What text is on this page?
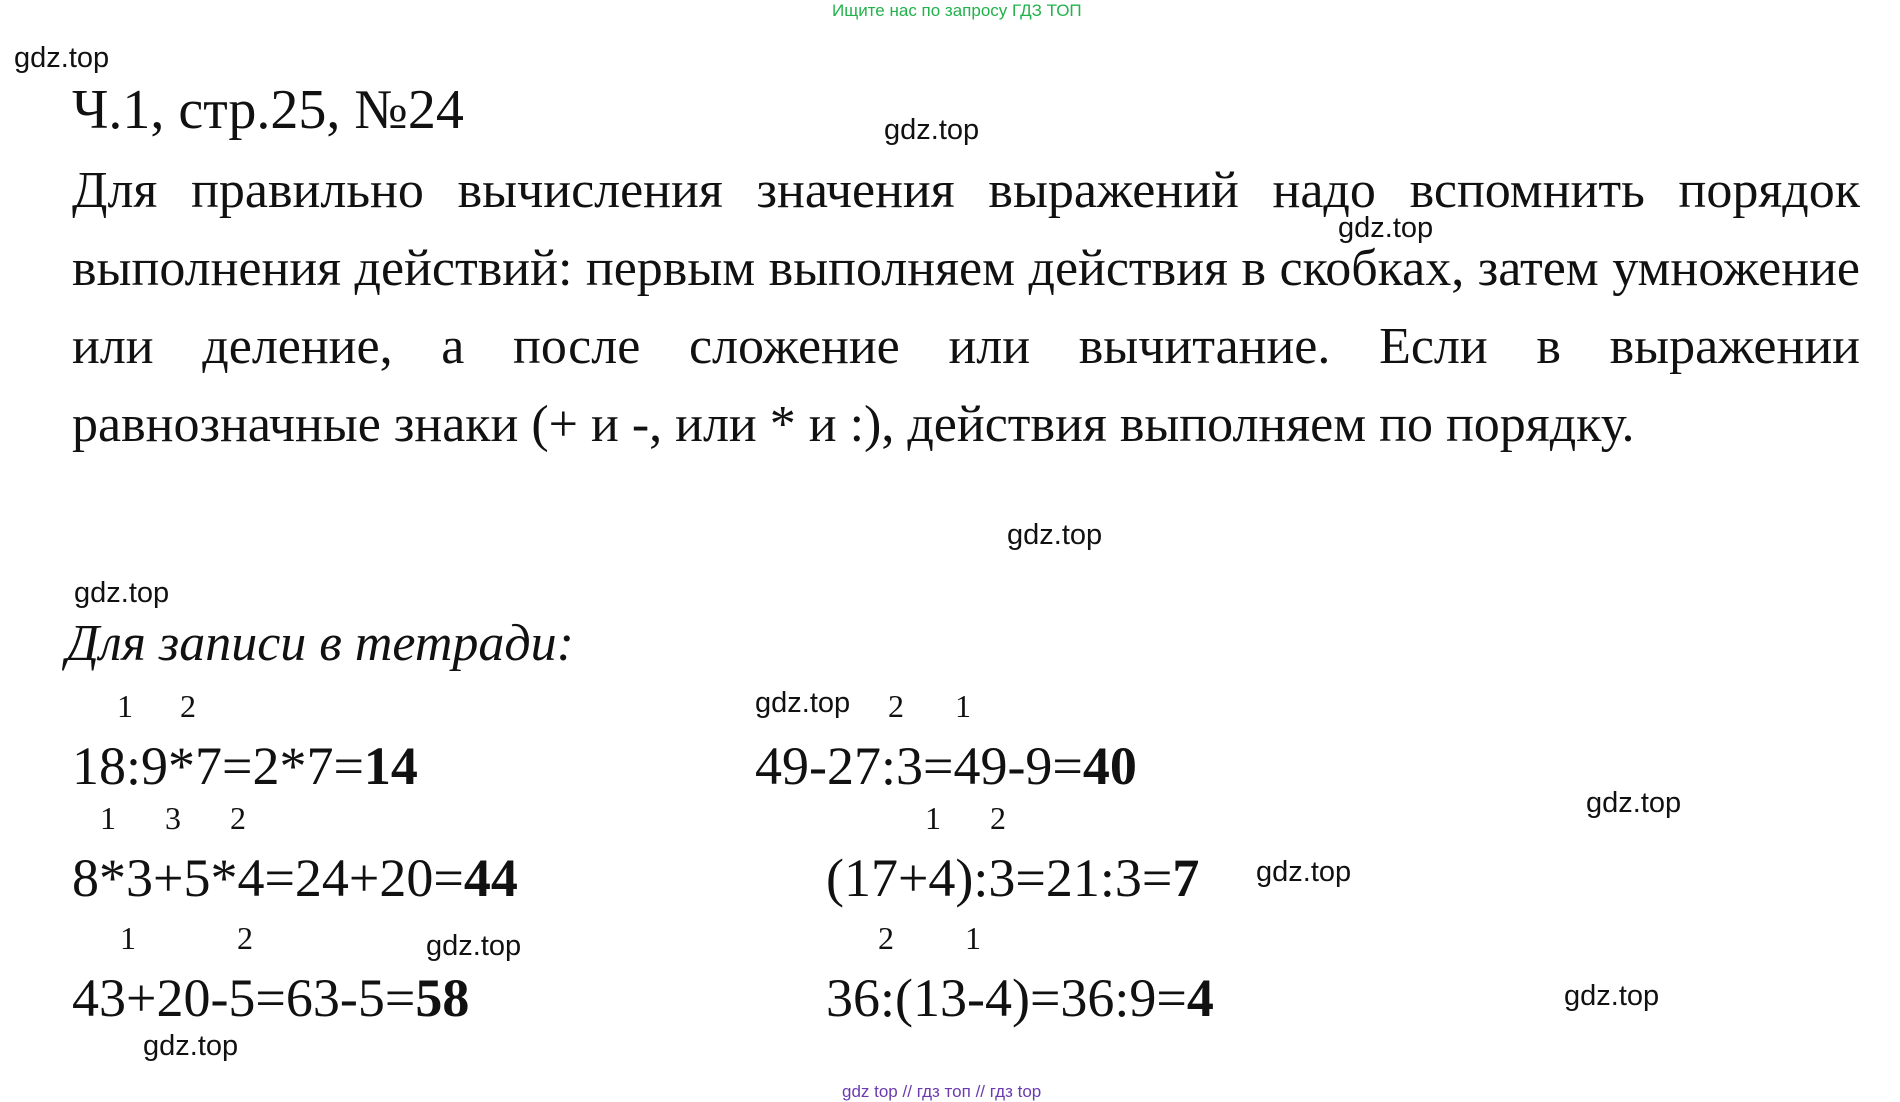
Ищите нас по запросу ГДЗ ТОП
gdz.top
gdz.top
gdz.top
gdz.top
gdz.top
gdz.top
gdz.top
gdz.top
gdz.top
gdz.top
gdz.top
Ч.1, стр.25, №24
Для правильно вычисления значения выражений надо вспомнить порядок выполнения действий: первым выполняем действия в скобках, затем умножение или деление, а после сложение или вычитание. Если в выражении равнозначные знаки (+ и -, или * и :), действия выполняем по порядку.
Для записи в тетради:
1 2
18:9*7=2*7=14
2 1
49-27:3=49-9=40
1 3 2
8*3+5*4=24+20=44
1 2
(17+4):3=21:3=7
1	2
43+20-5=63-5=58
2 1
36:(13-4)=36:9=4
gdz top // гдз топ // гдз top
